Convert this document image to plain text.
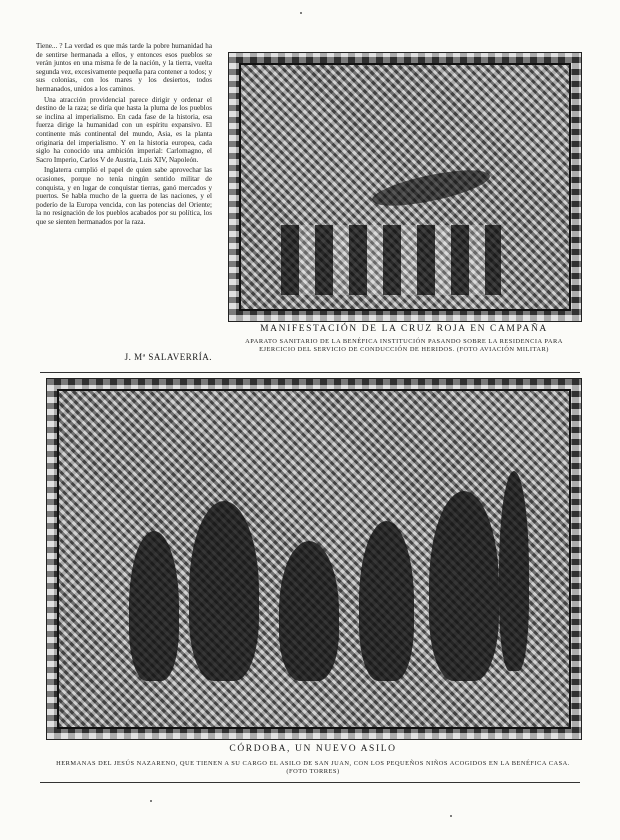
Tiene... ? La verdad es que más tarde la pobre humanidad ha de sentirse hermanada a ellos, y entonces esos pueblos se verán juntos en una misma fe de la nación, y la tierra, vuelta segunda vez, excesivamente pequeña para contener a todos; y sus colonias, con los mares y los desiertos, todos hermanados, unidos a los caminos.

Una atracción providencial parece dirigir y ordenar el destino de la raza; se diría que hasta la pluma de los pueblos se inclina al imperialismo. En cada fase de la historia, esa fuerza dirige la humanidad con un espíritu expansivo. El continente más continental del mundo, Asia, es la planta originaria del imperialismo. Y en la historia europea, cada siglo ha conocido una ambición imperial: Carlomagno, el Sacro Imperio, Carlos V de Austria, Luis XIV, Napoleón.

Inglaterra cumplió el papel de quien sabe aprovechar las ocasiones, porque no tenía ningún sentido militar de conquista, y en lugar de conquistar tierras, ganó mercados y puertos. Se habla mucho de la guerra de las naciones, y el poderío de la Europa vencida, con las potencias del Oriente; la no resignación de los pueblos acabados por su política, los que se sienten hermanados por la raza.

J. Mª SALAVERRÍA.
MANIFESTACIÓN DE LA CRUZ ROJA EN CAMPAÑA
APARATO SANITARIO DE LA BENÉFICA INSTITUCIÓN PASANDO SOBRE LA RESIDENCIA PARA EJERCICIO DEL SERVICIO DE CONDUCCIÓN DE HERIDOS. (FOTO AVIACIÓN MILITAR)
CÓRDOBA, UN NUEVO ASILO
HERMANAS DEL JESÚS NAZARENO, QUE TIENEN A SU CARGO EL ASILO DE SAN JUAN, CON LOS PEQUEÑOS NIÑOS ACOGIDOS EN LA BENÉFICA CASA. (FOTO TORRES)
